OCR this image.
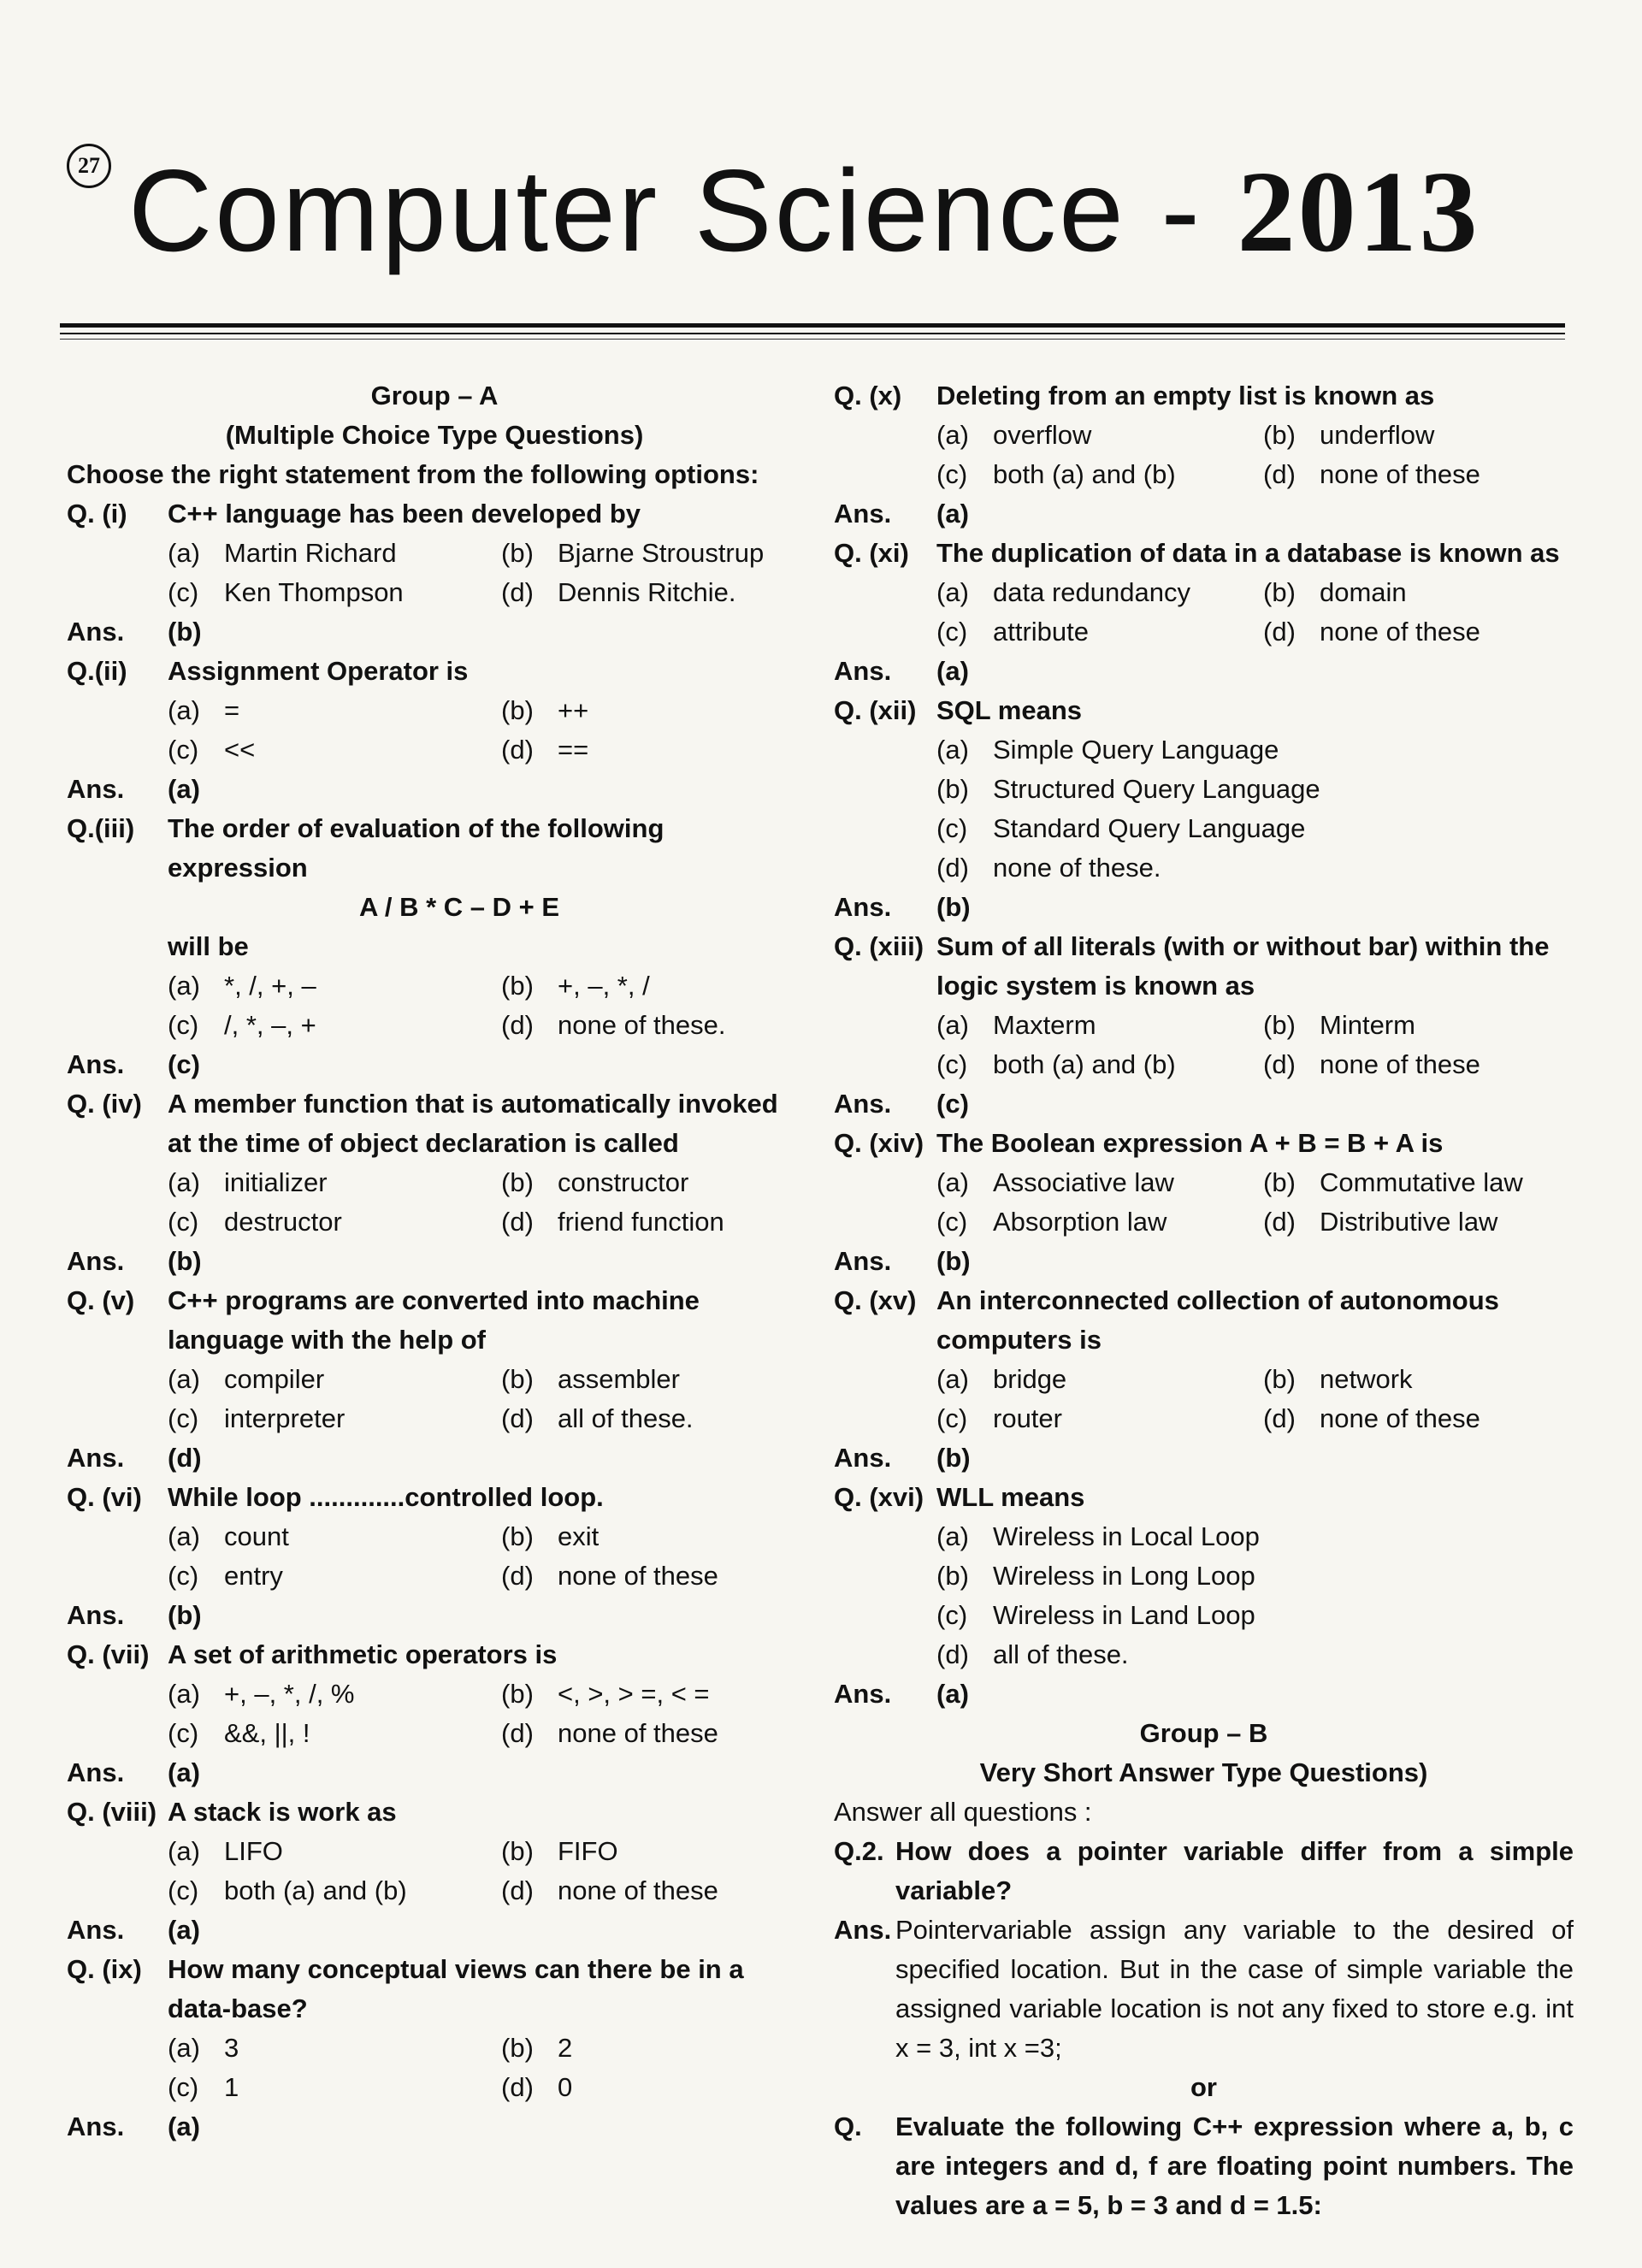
27 Computer Science - 2013
Group – A
(Multiple Choice Type Questions)
Choose the right statement from the following options:
Q. (i)	C++ language has been developed by
(a) Martin Richard	(b) Bjarne Stroustrup
(c) Ken Thompson	(d) Dennis Ritchie.
Ans.	(b)
Q.(ii)	Assignment Operator is
(a) =	(b) ++
(c) <<	(d) ==
Ans.	(a)
Q.(iii)	The order of evaluation of the following expression
A / B * C – D + E
will be
(a) *, /, +, –	(b) +, –, *, /
(c) /, *, –, +	(d) none of these.
Ans.	(c)
Q. (iv) A member function that is automatically invoked at the time of object declaration is called
(a) initializer	(b) constructor
(c) destructor	(d) friend function
Ans.	(b)
Q. (v)	C++ programs are converted into machine language with the help of
(a) compiler	(b) assembler
(c) interpreter	(d) all of these.
Ans.	(d)
Q. (vi) While loop .............controlled loop.
(a) count	(b) exit
(c) entry	(d) none of these
Ans.	(b)
Q. (vii) A set of arithmetic operators is
(a) +, –, *, /, %	(b) <, >, > =, < =
(c) &&, ||, !	(d) none of these
Ans.	(a)
Q. (viii) A stack is work as
(a) LIFO	(b) FIFO
(c) both (a) and (b)	(d) none of these
Ans.	(a)
Q. (ix) How many conceptual views can there be in a data-base?
(a) 3	(b) 2
(c) 1	(d) 0
Ans.	(a)
Q. (x)	Deleting from an empty list is known as
(a) overflow	(b) underflow
(c) both (a) and (b)	(d) none of these
Ans.	(a)
Q. (xi)	The duplication of data in a database is known as
(a) data redundancy	(b) domain
(c) attribute	(d) none of these
Ans.	(a)
Q. (xii) SQL means
(a) Simple Query Language
(b) Structured Query Language
(c) Standard Query Language
(d) none of these.
Ans.	(b)
Q. (xiii) Sum of all literals (with or without bar) within the logic system is known as
(a) Maxterm	(b) Minterm
(c) both (a) and (b)	(d) none of these
Ans.	(c)
Q. (xiv) The Boolean expression A + B = B + A is
(a) Associative law	(b) Commutative law
(c) Absorption law	(d) Distributive law
Ans.	(b)
Q. (xv) An interconnected collection of autonomous computers is
(a) bridge	(b) network
(c) router	(d) none of these
Ans.	(b)
Q. (xvi) WLL means
(a) Wireless in Local Loop
(b) Wireless in Long Loop
(c) Wireless in Land Loop
(d) all of these.
Ans.	(a)
Group – B
Very Short Answer Type Questions)
Answer all questions :
Q.2. How does a pointer variable differ from a simple variable?
Ans. Pointervariable assign any variable to the desired of specified location. But in the case of simple variable the assigned variable location is not any fixed to store e.g. int x = 3, int x =3;
or
Q.	Evaluate the following C++ expression where a, b, c are integers and d, f are floating point numbers. The values are a = 5, b = 3 and d = 1.5:
